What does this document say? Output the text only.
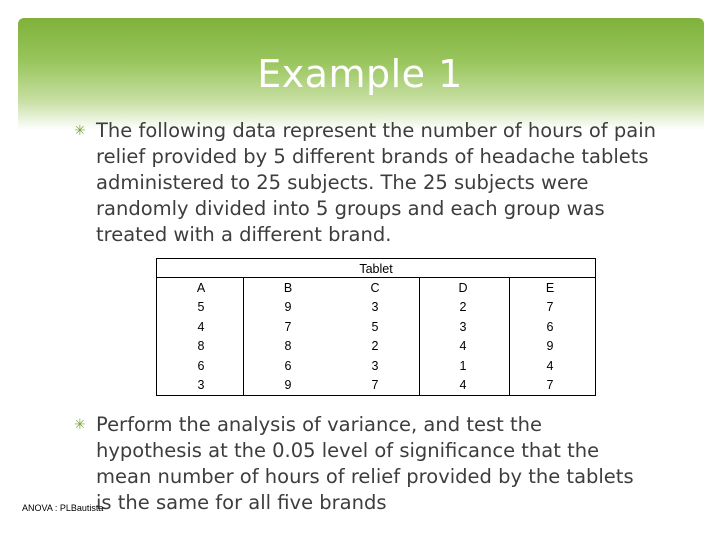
Example 1
✳ The following data represent the number of hours of pain relief provided by 5 different brands of headache tablets administered to 25 subjects. The 25 subjects were randomly divided into 5 groups and each group was treated with a different brand.
Tablet
A
5
4
8
6
3
B
9
7
8
6
9
C
3
5
2
3
7
D
2
3
4
1
4
E
7
6
9
4
7
✳ Perform the analysis of variance, and test the hypothesis at the 0.05 level of significance that the mean number of hours of relief provided by the tablets is the same for all five brands
ANOVA : PLBautista
